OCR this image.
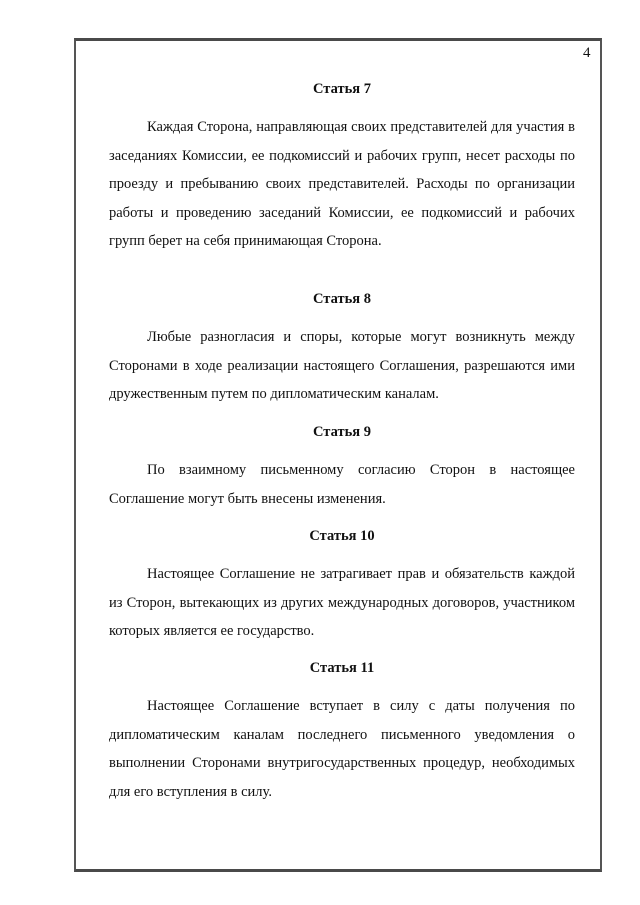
4
Статья 7

Каждая Сторона, направляющая своих представителей для участия в заседаниях Комиссии, ее подкомиссий и рабочих групп, несет расходы по проезду и пребыванию своих представителей. Расходы по организации работы и проведению заседаний Комиссии, ее подкомиссий и рабочих групп берет на себя принимающая Сторона.

Статья 8

Любые разногласия и споры, которые могут возникнуть между Сторонами в ходе реализации настоящего Соглашения, разрешаются ими дружественным путем по дипломатическим каналам.

Статья 9

По взаимному письменному согласию Сторон в настоящее Соглашение могут быть внесены изменения.

Статья 10

Настоящее Соглашение не затрагивает прав и обязательств каждой из Сторон, вытекающих из других международных договоров, участником которых является ее государство.

Статья 11

Настоящее Соглашение вступает в силу с даты получения по дипломатическим каналам последнего письменного уведомления о выполнении Сторонами внутригосударственных процедур, необходимых для его вступления в силу.
